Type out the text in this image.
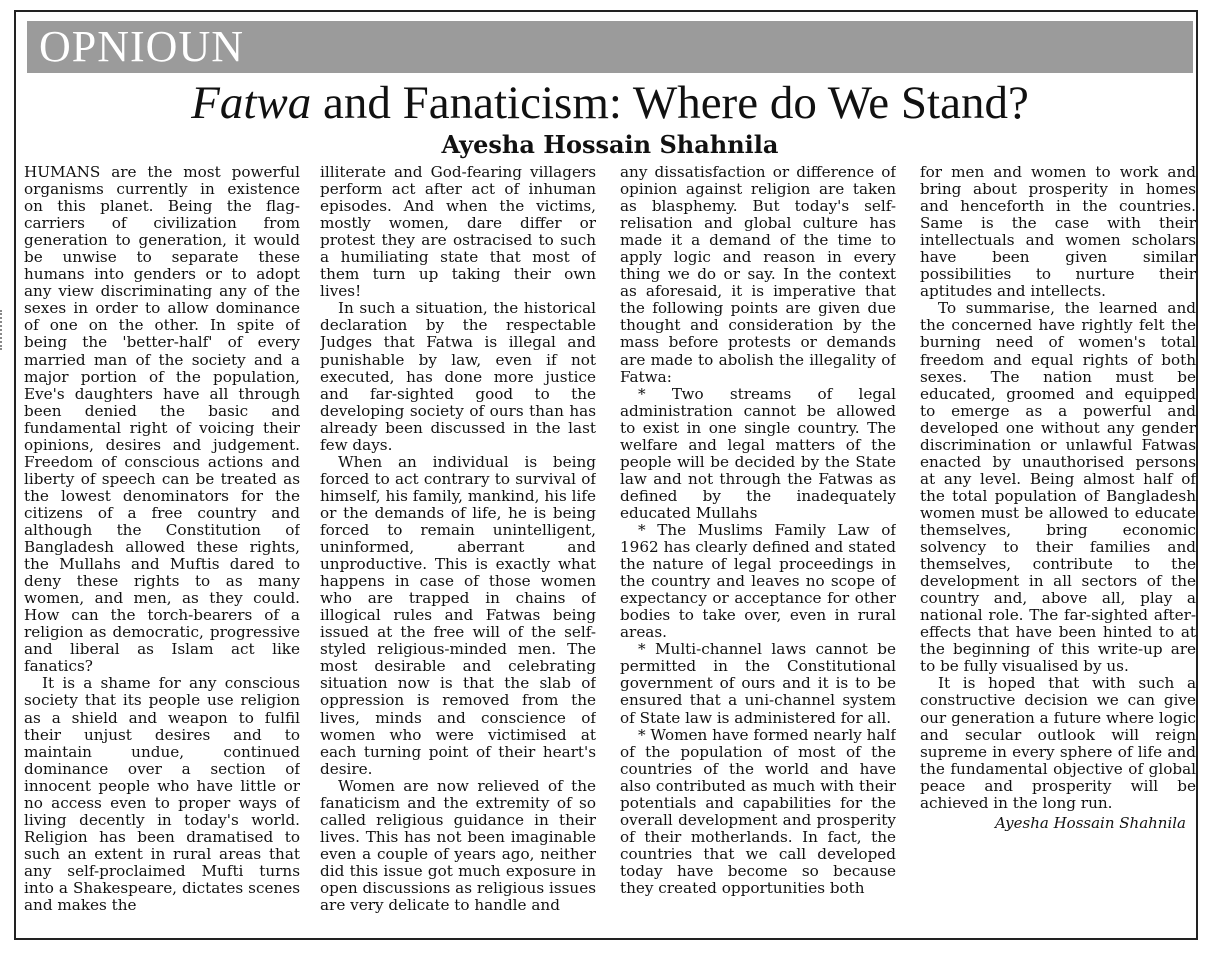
OPNIOUN
Fatwa and Fanaticism: Where do We Stand?
Ayesha Hossain Shahnila

HUMANS are the most powerful organisms currently in existence on this planet. Being the flag-carriers of civilization from generation to generation, it would be unwise to separate these humans into genders or to adopt any view discriminating any of the sexes in order to allow dominance of one on the other. In spite of being the 'better-half' of every married man of the society and a major portion of the population, Eve's daughters have all through been denied the basic and fundamental right of voicing their opinions, desires and judgement. Freedom of conscious actions and liberty of speech can be treated as the lowest denominators for the citizens of a free country and although the Constitution of Bangladesh allowed these rights, the Mullahs and Muftis dared to deny these rights to as many women, and men, as they could. How can the torch-bearers of a religion as democratic, progressive and liberal as Islam act like fanatics?

It is a shame for any conscious society that its people use religion as a shield and weapon to fulfil their unjust desires and to maintain undue, continued dominance over a section of innocent people who have little or no access even to proper ways of living decently in today's world. Religion has been dramatised to such an extent in rural areas that any self-proclaimed Mufti turns into a Shakespeare, dictates scenes and makes the

illiterate and God-fearing villagers perform act after act of inhuman episodes. And when the victims, mostly women, dare differ or protest they are ostracised to such a humiliating state that most of them turn up taking their own lives!

In such a situation, the historical declaration by the respectable Judges that Fatwa is illegal and punishable by law, even if not executed, has done more justice and far-sighted good to the developing society of ours than has already been discussed in the last few days.

When an individual is being forced to act contrary to survival of himself, his family, mankind, his life or the demands of life, he is being forced to remain unintelligent, uninformed, aberrant and unproductive. This is exactly what happens in case of those women who are trapped in chains of illogical rules and Fatwas being issued at the free will of the self-styled religious-minded men. The most desirable and celebrating situation now is that the slab of oppression is removed from the lives, minds and conscience of women who were victimised at each turning point of their heart's desire.

Women are now relieved of the fanaticism and the extremity of so called religious guidance in their lives. This has not been imaginable even a couple of years ago, neither did this issue got much exposure in open discussions as religious issues are very delicate to handle and

any dissatisfaction or difference of opinion against religion are taken as blasphemy. But today's self-relisation and global culture has made it a demand of the time to apply logic and reason in every thing we do or say. In the context as aforesaid, it is imperative that the following points are given due thought and consideration by the mass before protests or demands are made to abolish the illegality of Fatwa:

* Two streams of legal administration cannot be allowed to exist in one single country. The welfare and legal matters of the people will be decided by the State law and not through the Fatwas as defined by the inadequately educated Mullahs

* The Muslims Family Law of 1962 has clearly defined and stated the nature of legal proceedings in the country and leaves no scope of expectancy or acceptance for other bodies to take over, even in rural areas.

* Multi-channel laws cannot be permitted in the Constitutional government of ours and it is to be ensured that a uni-channel system of State law is administered for all.

* Women have formed nearly half of the population of most of the countries of the world and have also contributed as much with their potentials and capabilities for the overall development and prosperity of their motherlands. In fact, the countries that we call developed today have become so because they created opportunities both

for men and women to work and bring about prosperity in homes and henceforth in the countries. Same is the case with their intellectuals and women scholars have been given similar possibilities to nurture their aptitudes and intellects.

To summarise, the learned and the concerned have rightly felt the burning need of women's total freedom and equal rights of both sexes. The nation must be educated, groomed and equipped to emerge as a powerful and developed one without any gender discrimination or unlawful Fatwas enacted by unauthorised persons at any level. Being almost half of the total population of Bangladesh women must be allowed to educate themselves, bring economic solvency to their families and themselves, contribute to the development in all sectors of the country and, above all, play a national role. The far-sighted after-effects that have been hinted to at the beginning of this write-up are to be fully visualised by us.

It is hoped that with such a constructive decision we can give our generation a future where logic and secular outlook will reign supreme in every sphere of life and the fundamental objective of global peace and prosperity will be achieved in the long run.

Ayesha Hossain Shahnila
